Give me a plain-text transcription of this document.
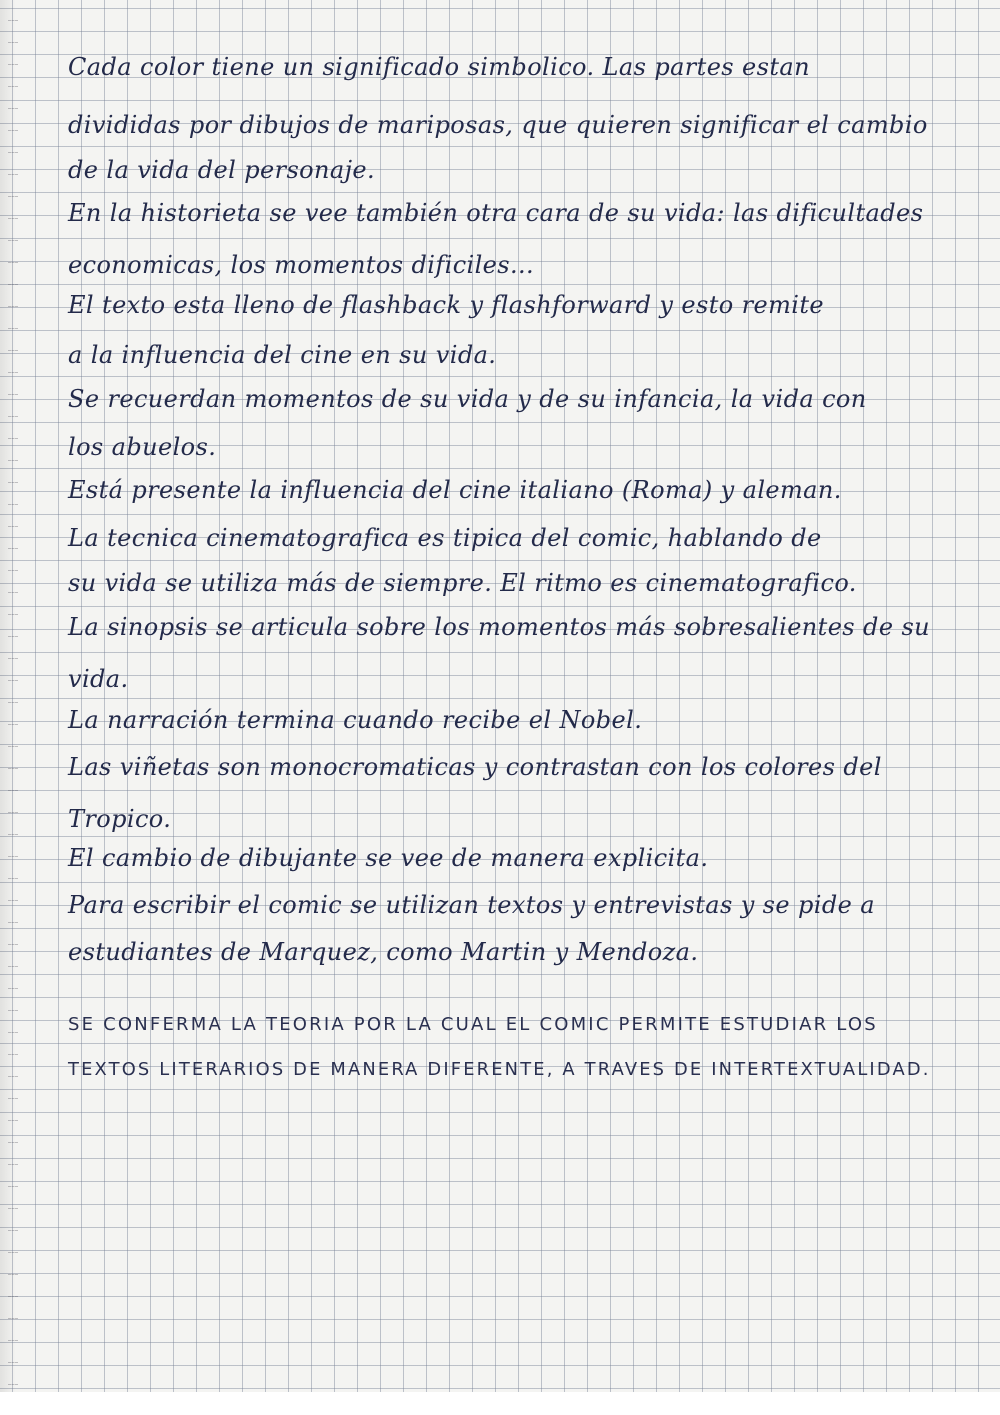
Cada color tiene un significado simbolico. Las partes estan
divididas por dibujos de mariposas, que quieren significar el cambio
de la vida del personaje.
En la historieta se vee también otra cara de su vida: las dificultades
economicas, los momentos dificiles...
El texto esta lleno de flashback y flashforward y esto remite
a la influencia del cine en su vida.
Se recuerdan momentos de su vida y de su infancia, la vida con
los abuelos.
Está presente la influencia del cine italiano (Roma) y aleman.
La tecnica cinematografica es tipica del comic, hablando de
su vida se utiliza más de siempre. El ritmo es cinematografico.
La sinopsis se articula sobre los momentos más sobresalientes de su
vida.
La narración termina cuando recibe el Nobel.
Las viñetas son monocromaticas y contrastan con los colores del
Tropico.
El cambio de dibujante se vee de manera explicita.
Para escribir el comic se utilizan textos y entrevistas y se pide a
estudiantes de Marquez, como Martin y Mendoza.
SE CONFERMA LA TEORIA POR LA CUAL EL COMIC PERMITE ESTUDIAR LOS
TEXTOS LITERARIOS DE MANERA DIFERENTE, A TRAVES DE INTERTEXTUALIDAD.
